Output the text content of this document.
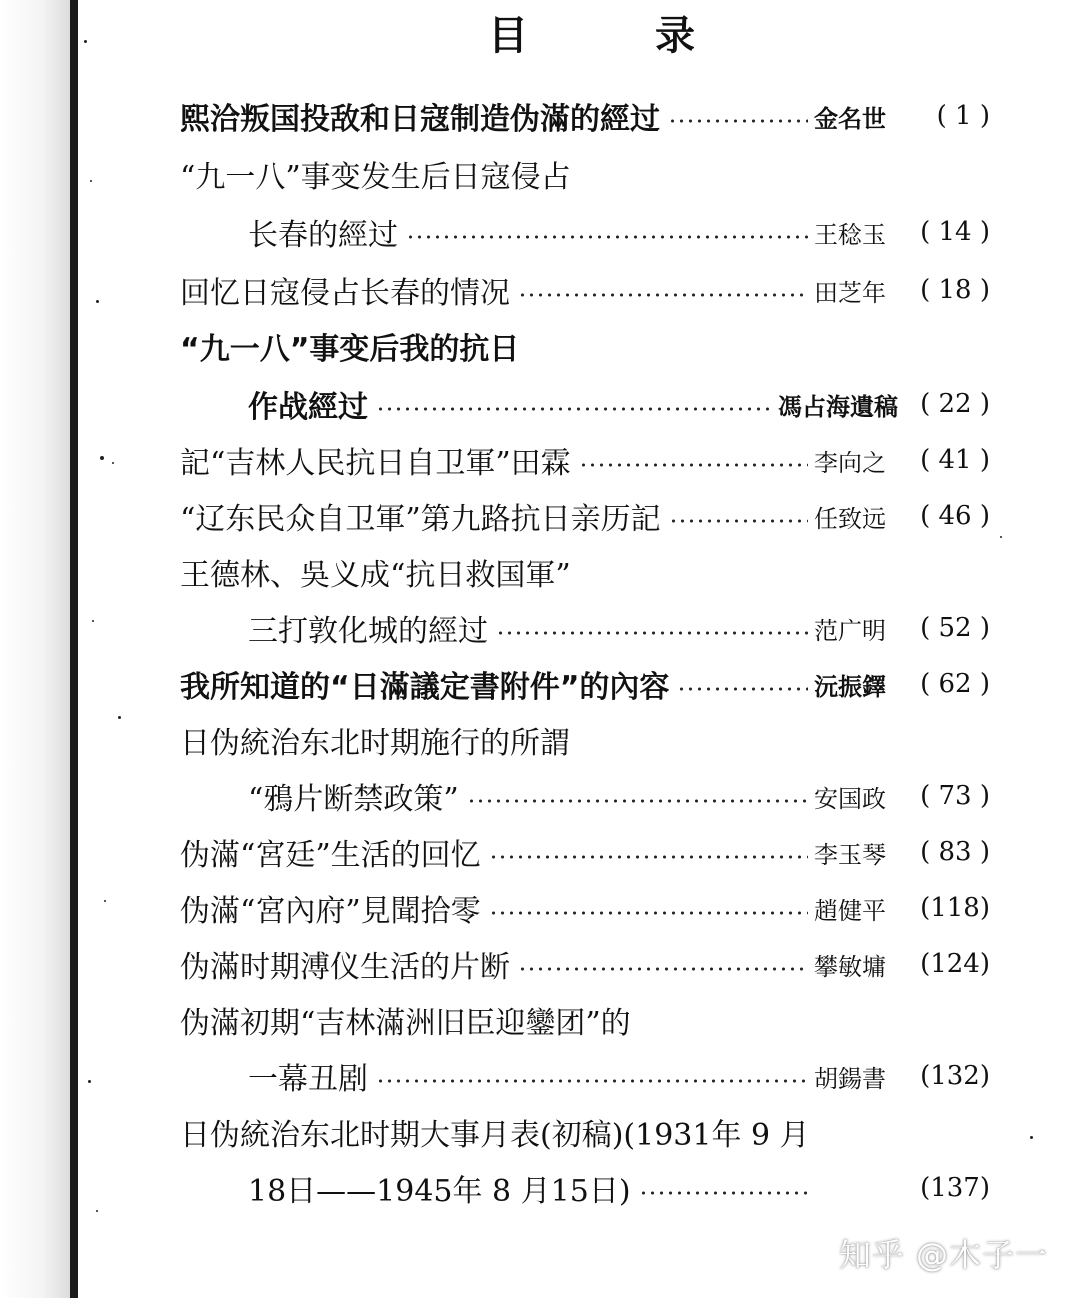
目	录
熙洽叛国投敌和日寇制造伪滿的經过	金名世	( 1 )
“九一八”事变发生后日寇侵占
长春的經过	王稔玉	( 14 )
回忆日寇侵占长春的情况	田芝年	( 18 )
“九一八”事变后我的抗日
作战經过	馮占海遺稿 ( 22 )
記“吉林人民抗日自卫軍”田霖	李向之	( 41 )
“辽东民众自卫軍”第九路抗日亲历記	任致远	( 46 )
王德林、吳义成“抗日救国軍”
三打敦化城的經过	范广明	( 52 )
我所知道的“日滿議定書附件”的內容	沅振鐸	( 62 )
日伪統治东北时期施行的所謂
“鴉片断禁政策”	安国政	( 73 )
伪滿“宮廷”生活的回忆	李玉琴	( 83 )
伪滿“宮內府”見聞拾零	趙健平	(118)
伪滿时期溥仪生活的片断	攀敏墉	(124)
伪滿初期“吉林滿洲旧臣迎鑾团”的
一幕丑剧	胡鍚書	(132)
日伪統治东北时期大事月表(初稿)(1931年 9 月
18日——1945年 8 月15日)	(137)
知乎 @木子一
